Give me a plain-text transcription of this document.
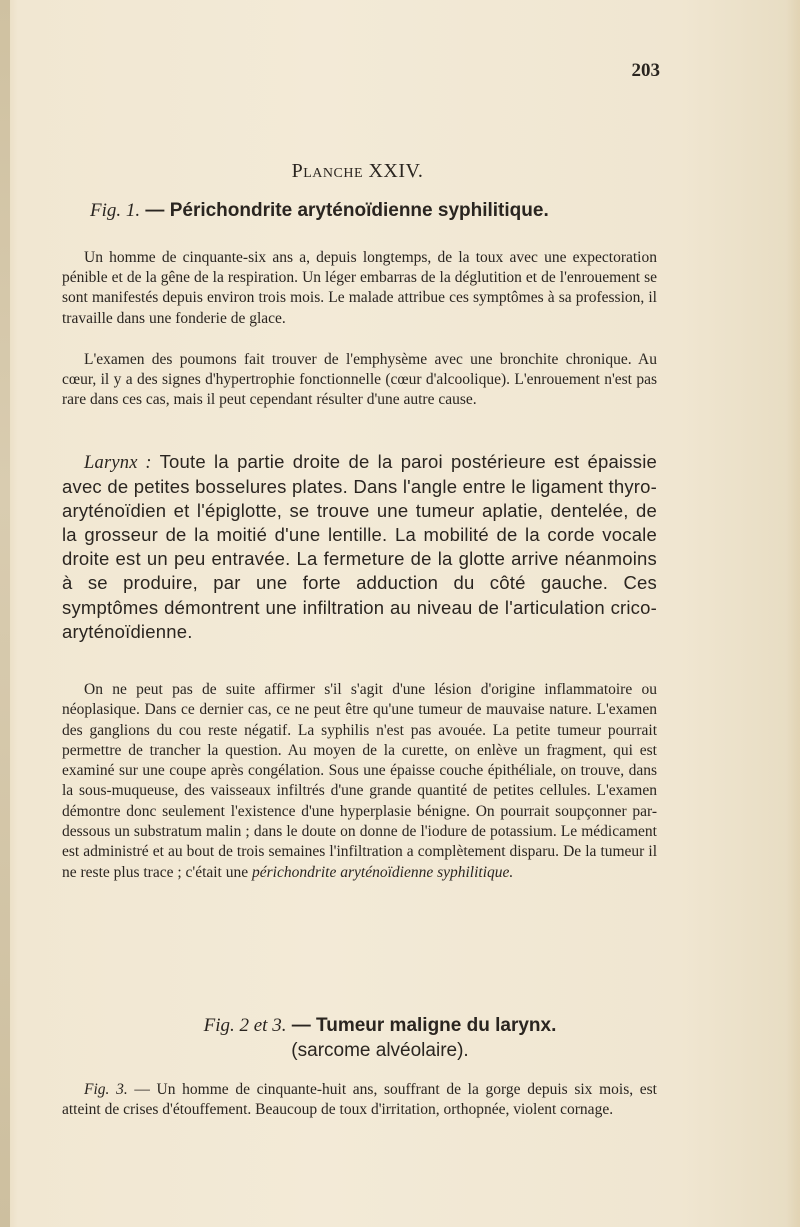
203
Planche XXIV.
Fig. 1. — Périchondrite aryténoïdienne syphilitique.

Un homme de cinquante-six ans a, depuis longtemps, de la toux avec une expectoration pénible et de la gêne de la respiration. Un léger embarras de la déglutition et de l'enrouement se sont manifestés depuis environ trois mois. Le malade attribue ces symptômes à sa profession, il travaille dans une fonderie de glace.

L'examen des poumons fait trouver de l'emphysème avec une bronchite chronique. Au cœur, il y a des signes d'hypertrophie fonctionnelle (cœur d'alcoolique). L'enrouement n'est pas rare dans ces cas, mais il peut cependant résulter d'une autre cause.

Larynx : Toute la partie droite de la paroi postérieure est épaissie avec de petites bosselures plates. Dans l'angle entre le ligament thyro-aryténoïdien et l'épiglotte, se trouve une tumeur aplatie, dentelée, de la grosseur de la moitié d'une lentille. La mobilité de la corde vocale droite est un peu entravée. La fermeture de la glotte arrive néanmoins à se produire, par une forte adduction du côté gauche. Ces symptômes démontrent une infiltration au niveau de l'articulation crico-aryténoïdienne.

On ne peut pas de suite affirmer s'il s'agit d'une lésion d'origine inflammatoire ou néoplasique. Dans ce dernier cas, ce ne peut être qu'une tumeur de mauvaise nature. L'examen des ganglions du cou reste négatif. La syphilis n'est pas avouée. La petite tumeur pourrait permettre de trancher la question. Au moyen de la curette, on enlève un fragment, qui est examiné sur une coupe après congélation. Sous une épaisse couche épithéliale, on trouve, dans la sous-muqueuse, des vaisseaux infiltrés d'une grande quantité de petites cellules. L'examen démontre donc seulement l'existence d'une hyperplasie bénigne. On pourrait soupçonner par-dessous un substratum malin ; dans le doute on donne de l'iodure de potassium. Le médicament est administré et au bout de trois semaines l'infiltration a complètement disparu. De la tumeur il ne reste plus trace ; c'était une périchondrite aryténoïdienne syphilitique.

Fig. 2 et 3. — Tumeur maligne du larynx.
(sarcome alvéolaire).

Fig. 3. — Un homme de cinquante-huit ans, souffrant de la gorge depuis six mois, est atteint de crises d'étouffement. Beaucoup de toux d'irritation, orthopnée, violent cornage.
